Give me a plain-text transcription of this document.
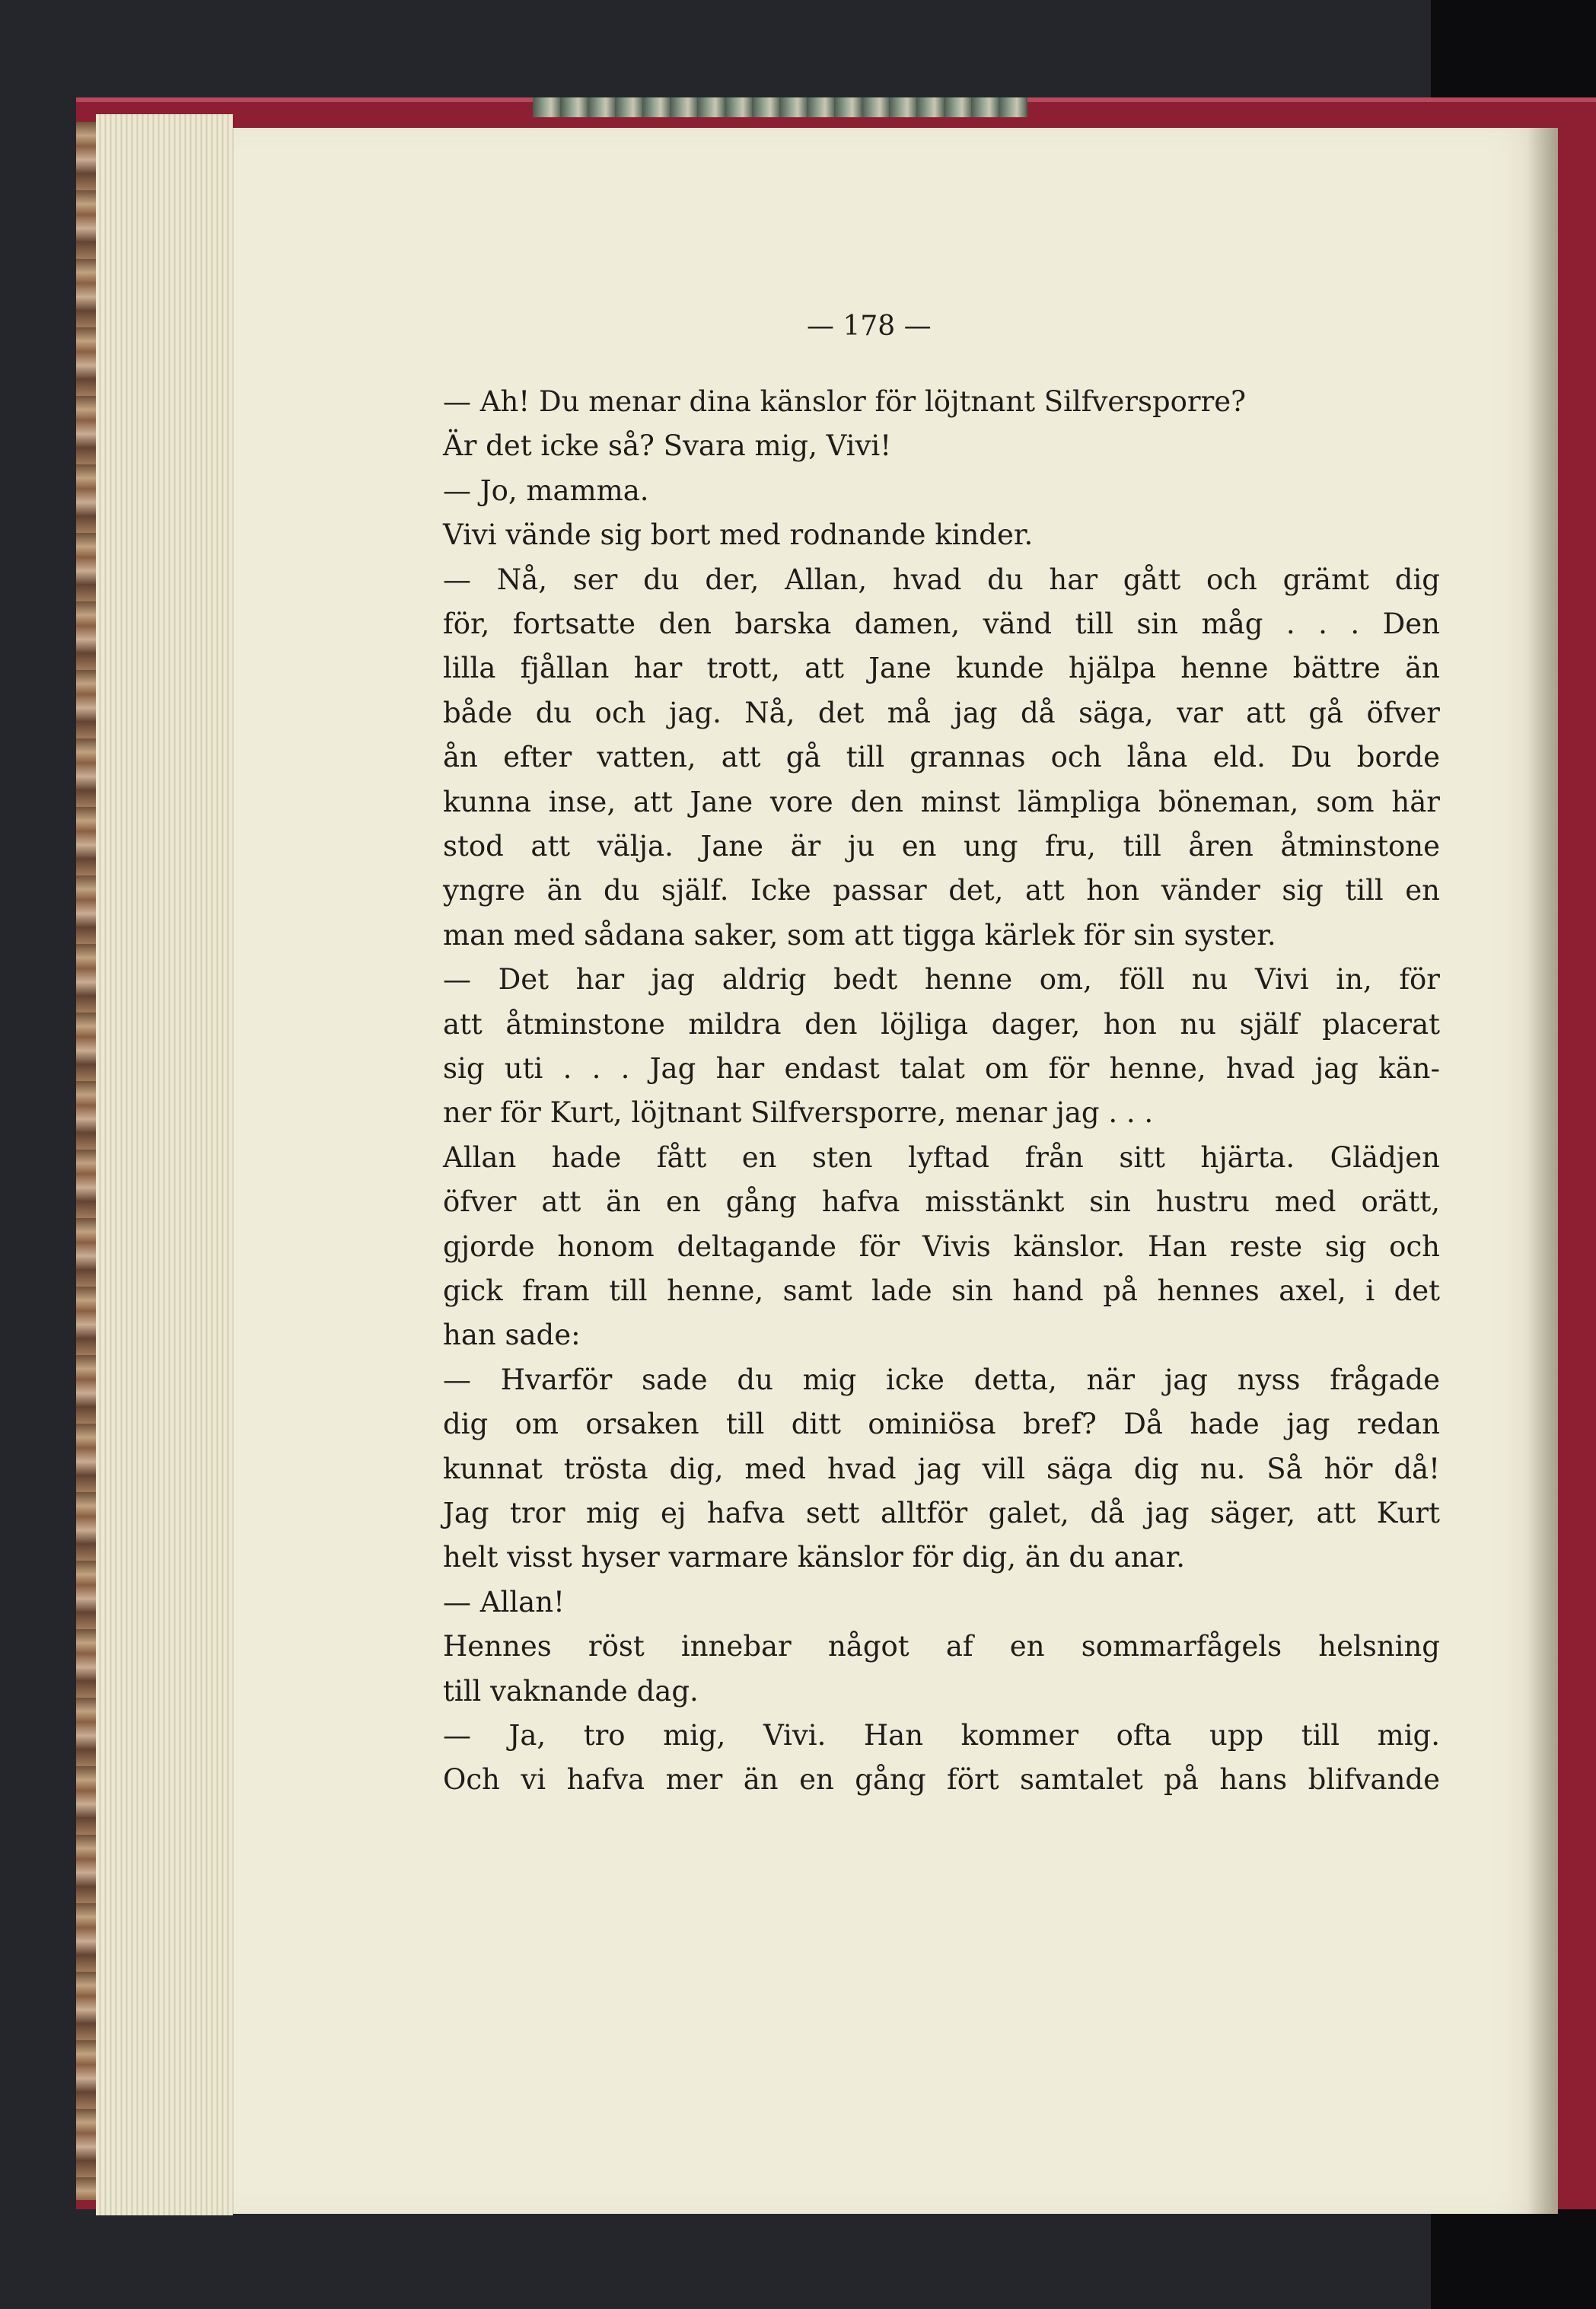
— 178 —
— Ah! Du menar dina känslor för löjtnant Silfversporre?
Är det icke så? Svara mig, Vivi!
— Jo, mamma.
Vivi vände sig bort med rodnande kinder.
— Nå, ser du der, Allan, hvad du har gått och grämt dig
för, fortsatte den barska damen, vänd till sin måg . . . Den
lilla fjållan har trott, att Jane kunde hjälpa henne bättre än
både du och jag. Nå, det må jag då säga, var att gå öfver
ån efter vatten, att gå till grannas och låna eld. Du borde
kunna inse, att Jane vore den minst lämpliga böneman, som här
stod att välja. Jane är ju en ung fru, till åren åtminstone
yngre än du själf. Icke passar det, att hon vänder sig till en
man med sådana saker, som att tigga kärlek för sin syster.
— Det har jag aldrig bedt henne om, föll nu Vivi in, för
att åtminstone mildra den löjliga dager, hon nu själf placerat
sig uti . . . Jag har endast talat om för henne, hvad jag kän-
ner för Kurt, löjtnant Silfversporre, menar jag . . .
Allan hade fått en sten lyftad från sitt hjärta. Glädjen
öfver att än en gång hafva misstänkt sin hustru med orätt,
gjorde honom deltagande för Vivis känslor. Han reste sig och
gick fram till henne, samt lade sin hand på hennes axel, i det
han sade:
— Hvarför sade du mig icke detta, när jag nyss frågade
dig om orsaken till ditt ominiösa bref? Då hade jag redan
kunnat trösta dig, med hvad jag vill säga dig nu. Så hör då!
Jag tror mig ej hafva sett alltför galet, då jag säger, att Kurt
helt visst hyser varmare känslor för dig, än du anar.
— Allan!
Hennes röst innebar något af en sommarfågels helsning
till vaknande dag.
— Ja, tro mig, Vivi. Han kommer ofta upp till mig.
Och vi hafva mer än en gång fört samtalet på hans blifvande
